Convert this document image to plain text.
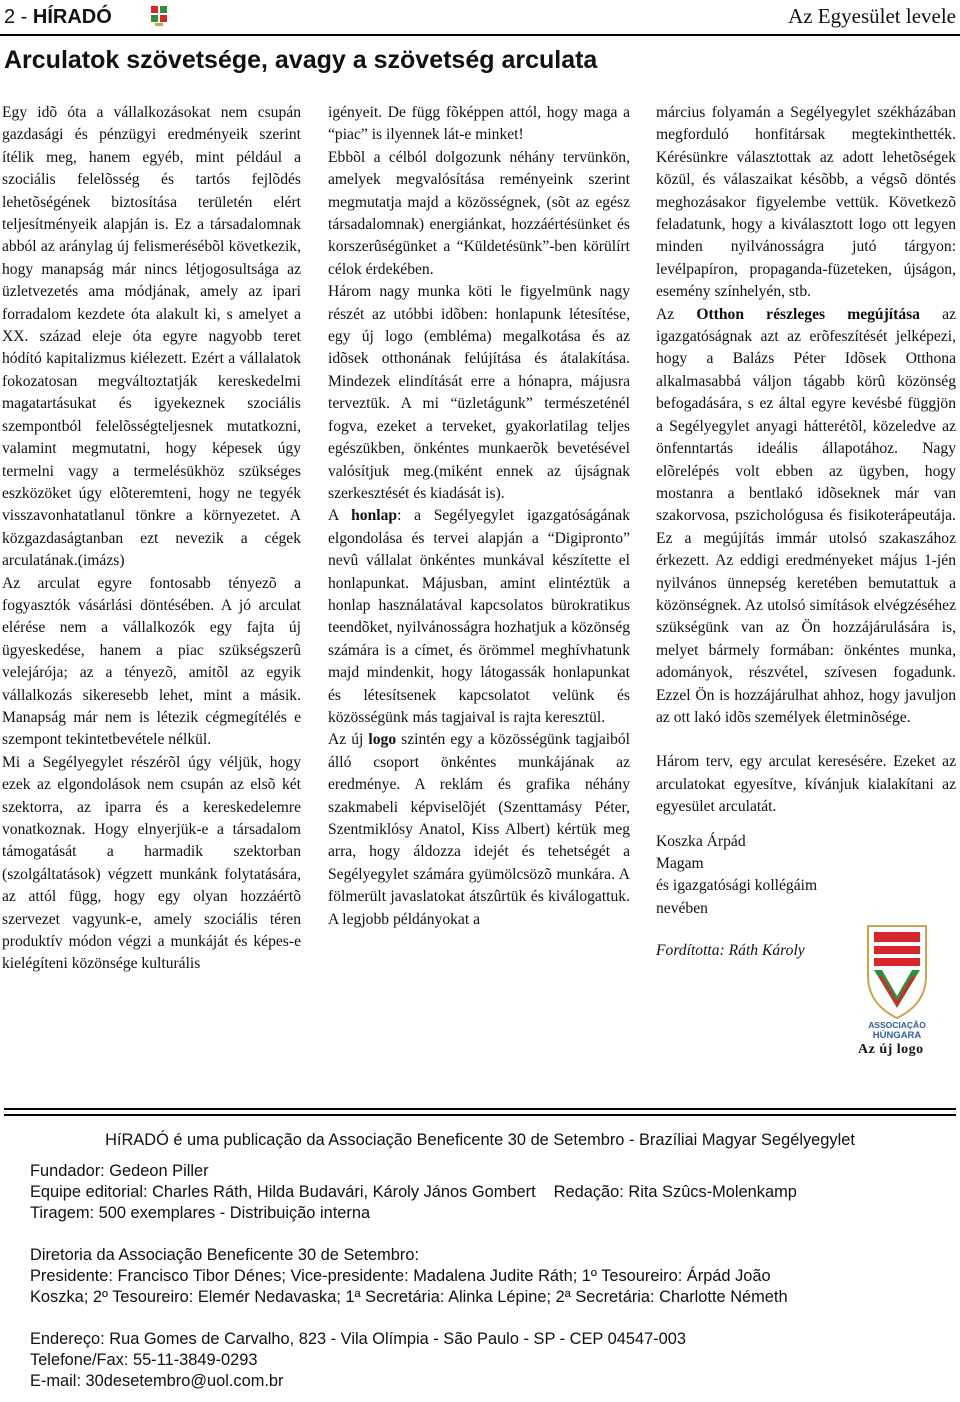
2 - HÍRADÓ	Az Egyesület levele
Arculatok szövetsége, avagy a szövetség arculata

Egy idõ óta a vállalkozásokat nem csupán gazdasági és pénzügyi eredményeik szerint ítélik meg, hanem egyéb, mint például a szociális felelõsség és tartós fejlõdés lehetõségének biztosítása területén elért teljesítményeik alapján is. Ez a társadalomnak abból az aránylag új felismerésébõl következik, hogy manapság már nincs létjogosultsága az üzletvezetés ama módjának, amely az ipari forradalom kezdete óta alakult ki, s amelyet a XX. század eleje óta egyre nagyobb teret hódító kapitalizmus kiélezett. Ezért a vállalatok fokozatosan megváltoztatják kereskedelmi magatartásukat és igyekeznek szociális szempontból felelõsségteljesnek mutatkozni, valamint megmutatni, hogy képesek úgy termelni vagy a termelésükhöz szükséges eszközöket úgy elõteremteni, hogy ne tegyék visszavonhatatlanul tönkre a környezetet. A közgazdaságtanban ezt nevezik a cégek arculatának.(imázs)

Az arculat egyre fontosabb tényezõ a fogyasztók vásárlási döntésében. A jó arculat elérése nem a vállalkozók egy fajta új ügyeskedése, hanem a piac szükségszerû velejárója; az a tényezõ, amitõl az egyik vállalkozás sikeresebb lehet, mint a másik. Manapság már nem is létezik cégmegítélés e szempont tekintetbevétele nélkül.

Mi a Segélyegylet részérõl úgy véljük, hogy ezek az elgondolások nem csupán az elsõ két szektorra, az iparra és a kereskedelemre vonatkoznak. Hogy elnyerjük-e a társadalom támogatását a harmadik szektorban (szolgáltatások) végzett munkánk folytatására, az attól függ, hogy egy olyan hozzáértõ szervezet vagyunk-e, amely szociális téren produktív módon végzi a munkáját és képes-e kielégíteni közönsége kulturális

igényeit. De függ fõképpen attól, hogy maga a “piac” is ilyennek lát-e minket!

Ebbõl a célból dolgozunk néhány tervünkön, amelyek megvalósítása reményeink szerint megmutatja majd a közösségnek, (sõt az egész társadalomnak) energiánkat, hozzáértésünket és korszerûségünket a “Küldetésünk”-ben körülírt célok érdekében.

Három nagy munka köti le figyelmünk nagy részét az utóbbi idõben: honlapunk létesítése, egy új logo (embléma) megalkotása és az idõsek otthonának felújítása és átalakítása. Mindezek elindítását erre a hónapra, májusra terveztük. A mi “üzletágunk” természeténél fogva, ezeket a terveket, gyakorlatilag teljes egészükben, önkéntes munkaerõk bevetésével valósítjuk meg.(miként ennek az újságnak szerkesztését és kiadását is).

A honlap: a Segélyegylet igazgatóságának elgondolása és tervei alapján a “Digipronto” nevû vállalat önkéntes munkával készítette el honlapunkat. Májusban, amint elintéztük a honlap használatával kapcsolatos bürokratikus teendõket, nyilvánosságra hozhatjuk a közönség számára is a címet, és örömmel meghívhatunk majd mindenkit, hogy látogassák honlapunkat és létesítsenek kapcsolatot velünk és közösségünk más tagjaival is rajta keresztül.

Az új logo szintén egy a közösségünk tagjaiból álló csoport önkéntes munkájának az eredménye. A reklám és grafika néhány szakmabeli képviselõjét (Szenttamásy Péter, Szentmiklósy Anatol, Kiss Albert) kértük meg arra, hogy áldozza idejét és tehetségét a Segélyegylet számára gyümölcsözõ munkára. A fölmerült javaslatokat átszûrtük és kiválogattuk. A legjobb példányokat a

március folyamán a Segélyegylet székházában megforduló honfitársak megtekinthették. Kérésünkre választottak az adott lehetõségek közül, és válaszaikat késõbb, a végsõ döntés meghozásakor figyelembe vettük. Következõ feladatunk, hogy a kiválasztott logo ott legyen minden nyilvánosságra jutó tárgyon: levélpapíron, propaganda-füzeteken, újságon, esemény színhelyén, stb.

Az Otthon részleges megújítása az igazgatóságnak azt az erõfeszítését jelképezi, hogy a Balázs Péter Idõsek Otthona alkalmasabbá váljon tágabb körû közönség befogadására, s ez által egyre kevésbé függjön a Segélyegylet anyagi hátterétõl, közeledve az önfenntartás ideális állapotához. Nagy elõrelépés volt ebben az ügyben, hogy mostanra a bentlakó idõseknek már van szakorvosa, pszichológusa és fisikoterápeutája. Ez a megújítás immár utolsó szakaszához érkezett. Az eddigi eredményeket május 1-jén nyilvános ünnepség keretében bemutattuk a közönségnek. Az utolsó simítások elvégzéséhez szükségünk van az Ön hozzájárulására is, melyet bármely formában: önkéntes munka, adományok, részvétel, szívesen fogadunk. Ezzel Ön is hozzájárulhat ahhoz, hogy javuljon az ott lakó idõs személyek életminõsége.

Három terv, egy arculat keresésére. Ezeket az arculatokat egyesítve, kívánjuk kialakítani az egyesület arculatát.

Koszka Árpád
Magam
és igazgatósági kollégáim
nevében
Fordította: Ráth Károly
ASSOCIAÇÃO
HÚNGARA
Az új logo
HíRADÓ é uma publicação da Associação Beneficente 30 de Setembro - Brazíliai Magyar Segélyegylet
Fundador: Gedeon Piller
Equipe editorial: Charles Ráth, Hilda Budavári, Károly János Gombert Redação: Rita Szûcs-Molenkamp
Tiragem: 500 exemplares - Distribuição interna
Diretoria da Associação Beneficente 30 de Setembro:
Presidente: Francisco Tibor Dénes; Vice-presidente: Madalena Judite Ráth; 1º Tesoureiro: Árpád João
Koszka; 2º Tesoureiro: Elemér Nedavaska; 1ª Secretária: Alinka Lépine; 2ª Secretária: Charlotte Németh
Endereço: Rua Gomes de Carvalho, 823 - Vila Olímpia - São Paulo - SP - CEP 04547-003
Telefone/Fax: 55-11-3849-0293
E-mail: 30desetembro@uol.com.br
